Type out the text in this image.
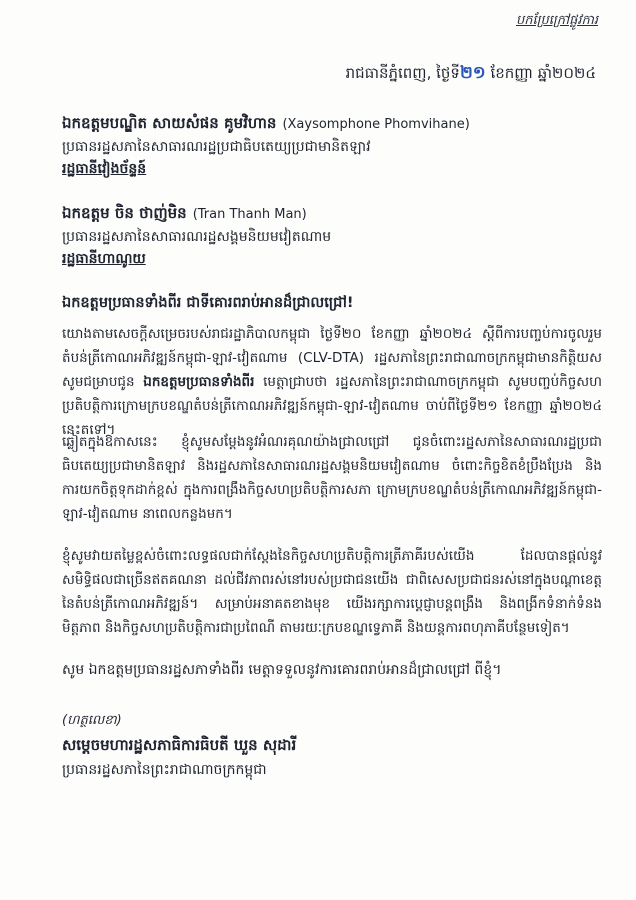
បកប្រែក្រៅផ្លូវការ
រាជធានីភ្នំពេញ, ថ្ងៃទី២១ ខែកញ្ញា ឆ្នាំ២០២៤
ឯកឧត្តមបណ្ឌិត សាយសំផន គូមវិហាន (Xaysomphone Phomvihane)
ប្រធានរដ្ឋសភានៃសាធារណរដ្ឋប្រជាធិបតេយ្យប្រជាមានិតឡាវ
រដ្ឋធានីវៀងច័ន្ទន៍
ឯកឧត្តម ចិន ថាញ់មិន (Tran Thanh Man)
ប្រធានរដ្ឋសភានៃសាធារណរដ្ឋសង្គមនិយមវៀតណាម
រដ្ឋធានីហាណូយ
ឯកឧត្តមប្រធានទាំងពីរ ជាទីគោរពរាប់អានដ៏ជ្រាលជ្រៅ!
យោងតាមសេចក្តីសម្រេចរបស់រាជរដ្ឋាភិបាលកម្ពុជា ថ្ងៃទី២០ ខែកញ្ញា ឆ្នាំ២០២៤ ស្តីពីការបញ្ចប់ការចូលរួមតំបន់ត្រីកោណអភិវឌ្ឍន៍កម្ពុជា-ឡាវ-វៀតណាម (CLV-DTA) រដ្ឋសភានៃព្រះរាជាណាចក្រកម្ពុជាមានកិត្តិយសសូមជម្រាបជូន ឯកឧត្តមប្រធានទាំងពីរ មេត្តាជ្រាបថា រដ្ឋសភានៃព្រះរាជាណាចក្រកម្ពុជា សូមបញ្ចប់កិច្ចសហប្រតិបត្តិការក្រោមក្របខណ្ឌតំបន់ត្រីកោណអភិវឌ្ឍន៍កម្ពុជា-ឡាវ-វៀតណាម ចាប់ពីថ្ងៃទី២១ ខែកញ្ញា ឆ្នាំ២០២៤ នេះតទៅ។
ឆ្លៀតក្នុងឱកាសនេះ ខ្ញុំសូមសម្តែងនូវអំណរគុណយ៉ាងជ្រាលជ្រៅ ជូនចំពោះរដ្ឋសភានៃសាធារណរដ្ឋប្រជាធិបតេយ្យប្រជាមានិតឡាវ និងរដ្ឋសភានៃសាធារណរដ្ឋសង្គមនិយមវៀតណាម ចំពោះកិច្ចខិតខំប្រឹងប្រែង និងការយកចិត្តទុកដាក់ខ្ពស់ ក្នុងការពង្រឹងកិច្ចសហប្រតិបត្តិការសភា ក្រោមក្របខណ្ឌតំបន់ត្រីកោណអភិវឌ្ឍន៍កម្ពុជា-ឡាវ-វៀតណាម នាពេលកន្លងមក។
ខ្ញុំសូមវាយតម្លៃខ្ពស់ចំពោះលទ្ធផលជាក់ស្តែងនៃកិច្ចសហប្រតិបត្តិការត្រីភាគីរបស់យើង ដែលបានផ្តល់នូវសមិទ្ធិផលជាច្រើនឥតគណនា ដល់ជីវភាពរស់នៅរបស់ប្រជាជនយើង ជាពិសេសប្រជាជនរស់នៅក្នុងបណ្តាខេត្តនៃតំបន់ត្រីកោណអភិវឌ្ឍន៍។ សម្រាប់អនាគតខាងមុខ យើងរក្សាការប្តេជ្ញាបន្តពង្រឹង និងពង្រីកទំនាក់ទំនងមិត្តភាព និងកិច្ចសហប្រតិបត្តិការជាប្រពៃណី តាមរយៈក្របខណ្ឌទ្វេភាគី និងយន្តការពហុភាគីបន្ថែមទៀត។
សូម ឯកឧត្តមប្រធានរដ្ឋសភាទាំងពីរ មេត្តាទទួលនូវការគោរពរាប់អានដ៏ជ្រាលជ្រៅ ពីខ្ញុំ។
(ហត្ថលេខា)
សម្តេចមហារដ្ឋសភាធិការធិបតី ឃួន សុដារី
ប្រធានរដ្ឋសភានៃព្រះរាជាណាចក្រកម្ពុជា
